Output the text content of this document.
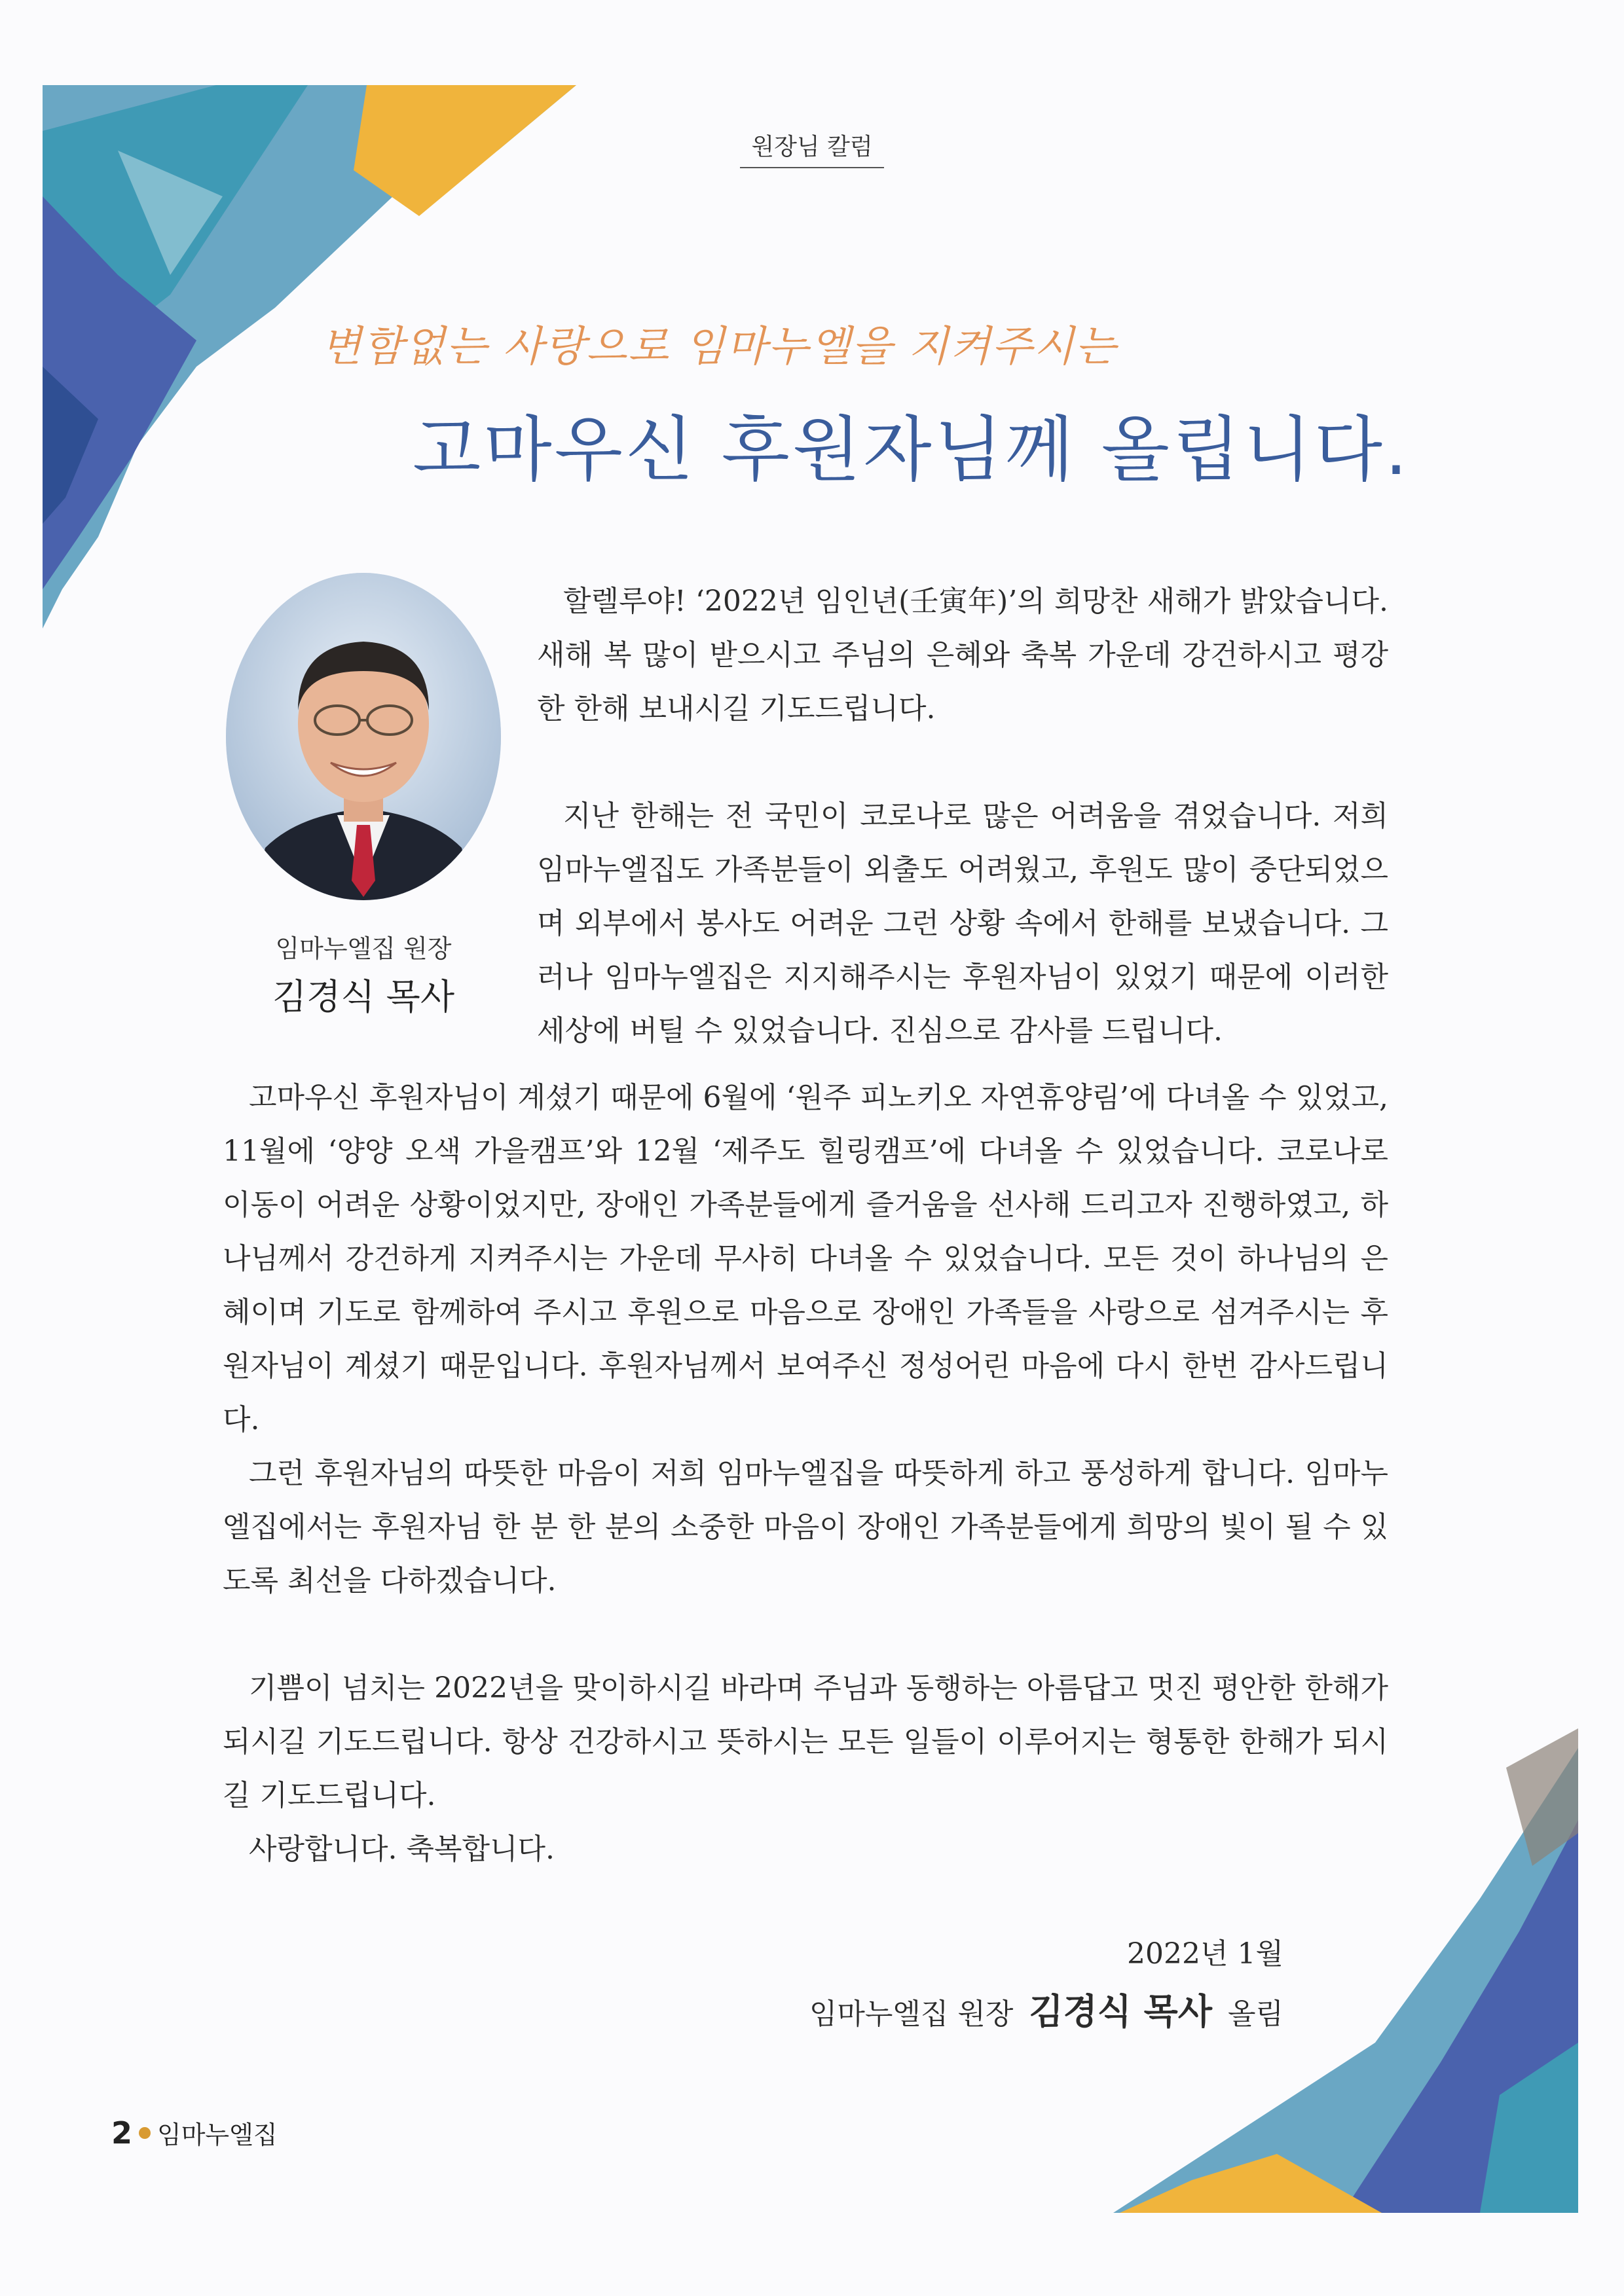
원장님 칼럼
변함없는 사랑으로 임마누엘을 지켜주시는
고마우신 후원자님께 올립니다.
임마누엘집 원장
김경식 목사

할렐루야! ‘2022년 임인년(壬寅年)’의 희망찬 새해가 밝았습니다. 새해 복 많이 받으시고 주님의 은혜와 축복 가운데 강건하시고 평강한 한해 보내시길 기도드립니다.

지난 한해는 전 국민이 코로나로 많은 어려움을 겪었습니다. 저희 임마누엘집도 가족분들이 외출도 어려웠고, 후원도 많이 중단되었으며 외부에서 봉사도 어려운 그런 상황 속에서 한해를 보냈습니다. 그러나 임마누엘집은 지지해주시는 후원자님이 있었기 때문에 이러한 세상에 버틸 수 있었습니다. 진심으로 감사를 드립니다.

고마우신 후원자님이 계셨기 때문에 6월에 ‘원주 피노키오 자연휴양림’에 다녀올 수 있었고, 11월에 ‘양양 오색 가을캠프’와 12월 ‘제주도 힐링캠프’에 다녀올 수 있었습니다. 코로나로 이동이 어려운 상황이었지만, 장애인 가족분들에게 즐거움을 선사해 드리고자 진행하였고, 하나님께서 강건하게 지켜주시는 가운데 무사히 다녀올 수 있었습니다. 모든 것이 하나님의 은혜이며 기도로 함께하여 주시고 후원으로 마음으로 장애인 가족들을 사랑으로 섬겨주시는 후원자님이 계셨기 때문입니다. 후원자님께서 보여주신 정성어린 마음에 다시 한번 감사드립니다.

그런 후원자님의 따뜻한 마음이 저희 임마누엘집을 따뜻하게 하고 풍성하게 합니다. 임마누엘집에서는 후원자님 한 분 한 분의 소중한 마음이 장애인 가족분들에게 희망의 빛이 될 수 있도록 최선을 다하겠습니다.

기쁨이 넘치는 2022년을 맞이하시길 바라며 주님과 동행하는 아름답고 멋진 평안한 한해가 되시길 기도드립니다. 항상 건강하시고 뜻하시는 모든 일들이 이루어지는 형통한 한해가 되시길 기도드립니다.

사랑합니다. 축복합니다.

2022년 1월
임마누엘집 원장 김경식 목사 올림
2 임마누엘집
